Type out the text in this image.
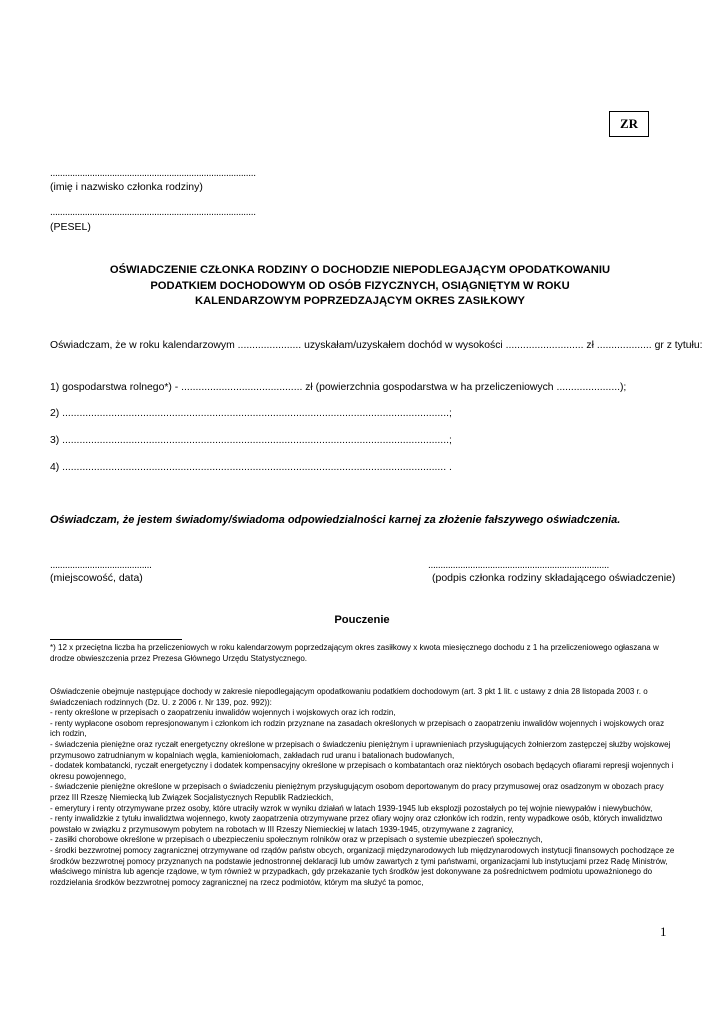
ZR
...................................................................................
(imię i nazwisko członka rodziny)
...................................................................................
(PESEL)
OŚWIADCZENIE CZŁONKA RODZINY O DOCHODZIE NIEPODLEGAJĄCYM OPODATKOWANIU
PODATKIEM DOCHODOWYM OD OSÓB FIZYCZNYCH, OSIĄGNIĘTYM W ROKU
KALENDARZOWYM POPRZEDZAJĄCYM OKRES ZASIŁKOWY
Oświadczam, że w roku kalendarzowym ...................... uzyskałam/uzyskałem dochód w wysokości ........................... zł ................... gr z tytułu:
1) gospodarstwa rolnego*) - .......................................... zł (powierzchnia gospodarstwa w ha przeliczeniowych ......................);
2) ......................................................................................................................................;
3) ......................................................................................................................................;
4) ..................................................................................................................................... .
Oświadczam, że jestem świadomy/świadoma odpowiedzialności karnej za złożenie fałszywego oświadczenia.
.........................................
(miejscowość, data)
.........................................................................
(podpis członka rodziny składającego oświadczenie)
Pouczenie
*) 12 x przeciętna liczba ha przeliczeniowych w roku kalendarzowym poprzedzającym okres zasiłkowy x kwota miesięcznego dochodu z 1 ha przeliczeniowego ogłaszana w drodze obwieszczenia przez Prezesa Głównego Urzędu Statystycznego.
Oświadczenie obejmuje następujące dochody w zakresie niepodlegającym opodatkowaniu podatkiem dochodowym (art. 3 pkt 1 lit. c ustawy z dnia 28 listopada 2003 r. o świadczeniach rodzinnych (Dz. U. z 2006 r. Nr 139, poz. 992)):
- renty określone w przepisach o zaopatrzeniu inwalidów wojennych i wojskowych oraz ich rodzin,
- renty wypłacone osobom represjonowanym i członkom ich rodzin przyznane na zasadach określonych w przepisach o zaopatrzeniu inwalidów wojennych i wojskowych oraz ich rodzin,
- świadczenia pieniężne oraz ryczałt energetyczny określone w przepisach o świadczeniu pieniężnym i uprawnieniach przysługujących żołnierzom zastępczej służby wojskowej przymusowo zatrudnianym w kopalniach węgla, kamieniołomach, zakładach rud uranu i batalionach budowlanych,
- dodatek kombatancki, ryczałt energetyczny i dodatek kompensacyjny określone w przepisach o kombatantach oraz niektórych osobach będących ofiarami represji wojennych i okresu powojennego,
- świadczenie pieniężne określone w przepisach o świadczeniu pieniężnym przysługującym osobom deportowanym do pracy przymusowej oraz osadzonym w obozach pracy przez III Rzeszę Niemiecką lub Związek Socjalistycznych Republik Radzieckich,
- emerytury i renty otrzymywane przez osoby, które utraciły wzrok w wyniku działań w latach 1939-1945 lub eksplozji pozostałych po tej wojnie niewypałów i niewybuchów,
- renty inwalidzkie z tytułu inwalidztwa wojennego, kwoty zaopatrzenia otrzymywane przez ofiary wojny oraz członków ich rodzin, renty wypadkowe osób, których inwalidztwo powstało w związku z przymusowym pobytem na robotach w III Rzeszy Niemieckiej w latach 1939-1945, otrzymywane z zagranicy,
- zasiłki chorobowe określone w przepisach o ubezpieczeniu społecznym rolników oraz w przepisach o systemie ubezpieczeń społecznych,
- środki bezzwrotnej pomocy zagranicznej otrzymywane od rządów państw obcych, organizacji międzynarodowych lub międzynarodowych instytucji finansowych pochodzące ze środków bezzwrotnej pomocy przyznanych na podstawie jednostronnej deklaracji lub umów zawartych z tymi państwami, organizacjami lub instytucjami przez Radę Ministrów, właściwego ministra lub agencje rządowe, w tym również w przypadkach, gdy przekazanie tych środków jest dokonywane za pośrednictwem podmiotu upoważnionego do rozdzielania środków bezzwrotnej pomocy zagranicznej na rzecz podmiotów, którym ma służyć ta pomoc,
1
